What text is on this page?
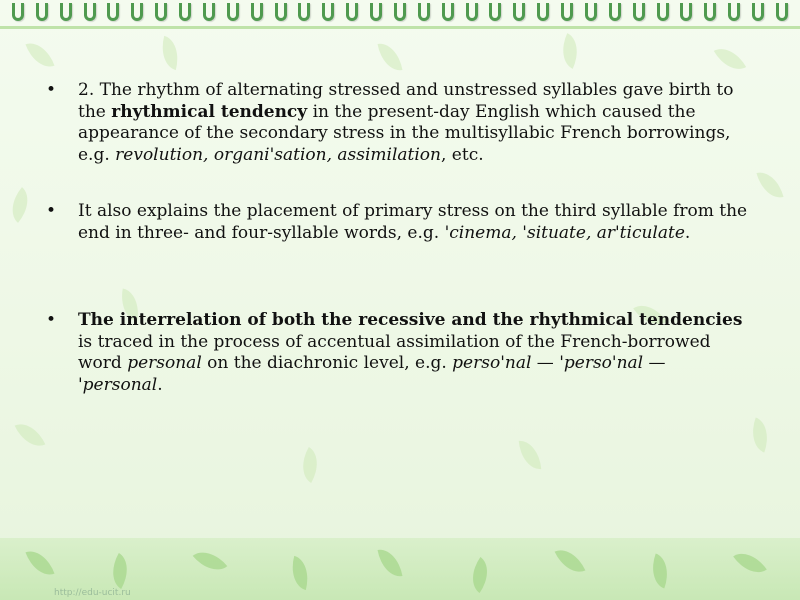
http://edu-ucit.ru
• 2. The rhythm of alternating stressed and unstressed syllables gave birth to the rhythmical tendency in the present-day English which caused the appearance of the secondary stress in the multisyllabic French borrowings, e.g. revolution, organi'sation, assimilation, etc.
• It also explains the placement of primary stress on the third syllable from the end in three- and four-syllable words, e.g. 'cinema, 'situate, ar'ticulate.
• The interrelation of both the recessive and the rhythmical tendencies is traced in the process of accentual assimilation of the French-borrowed word personal on the diachronic level, e.g. perso'nal — 'perso'nal — 'personal.
